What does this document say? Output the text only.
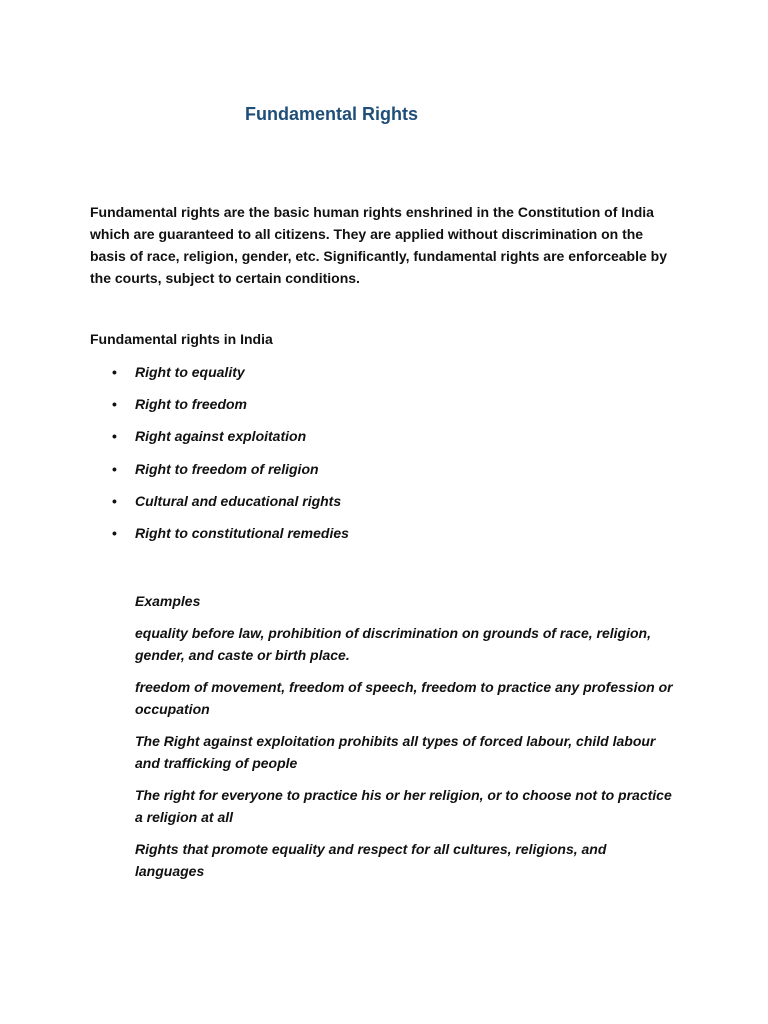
Fundamental Rights

Fundamental rights are the basic human rights enshrined in the Constitution of India which are guaranteed to all citizens. They are applied without discrimination on the basis of race, religion, gender, etc. Significantly, fundamental rights are enforceable by the courts, subject to certain conditions.

Fundamental rights in India
• Right to equality
• Right to freedom
• Right against exploitation
• Right to freedom of religion
• Cultural and educational rights
• Right to constitutional remedies

Examples

equality before law, prohibition of discrimination on grounds of race, religion, gender, and caste or birth place.

freedom of movement, freedom of speech, freedom to practice any profession or occupation

The Right against exploitation prohibits all types of forced labour, child labour and trafficking of people

The right for everyone to practice his or her religion, or to choose not to practice a religion at all

Rights that promote equality and respect for all cultures, religions, and languages
